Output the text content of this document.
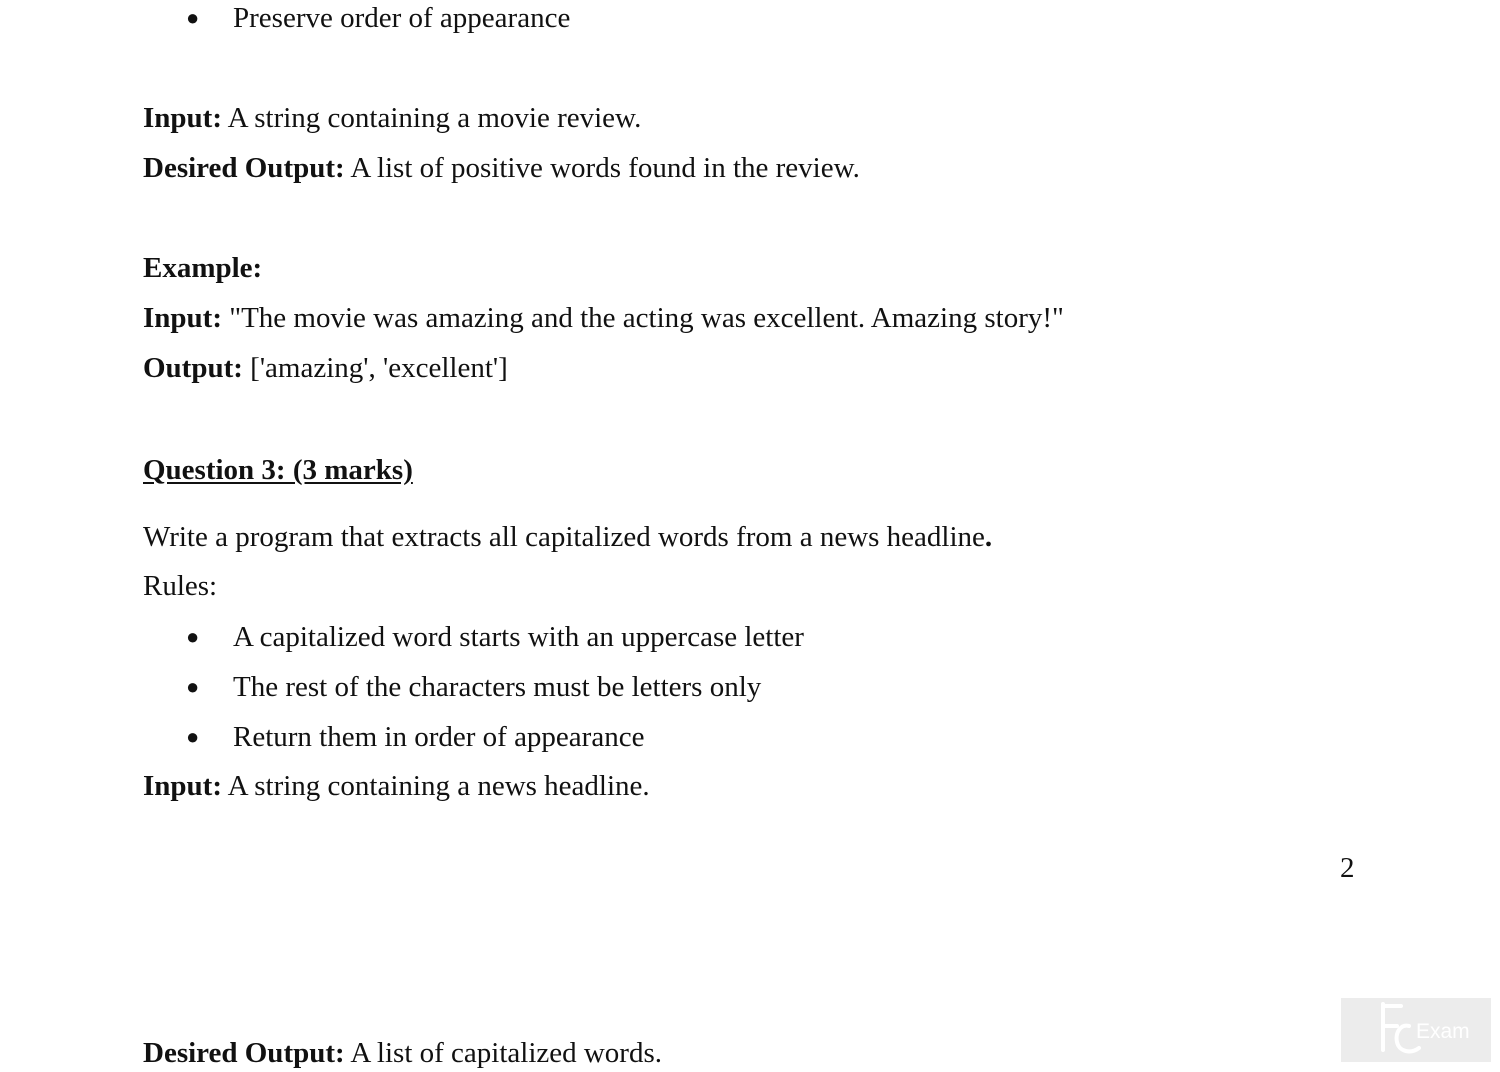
● Preserve order of appearance
Input: A string containing a movie review.
Desired Output: A list of positive words found in the review.
Example:
Input: "The movie was amazing and the acting was excellent. Amazing story!"
Output: ['amazing', 'excellent']
Question 3: (3 marks)
Write a program that extracts all capitalized words from a news headline.
Rules:
● A capitalized word starts with an uppercase letter
● The rest of the characters must be letters only
● Return them in order of appearance
Input: A string containing a news headline.
2
Desired Output: A list of capitalized words.
Exam
